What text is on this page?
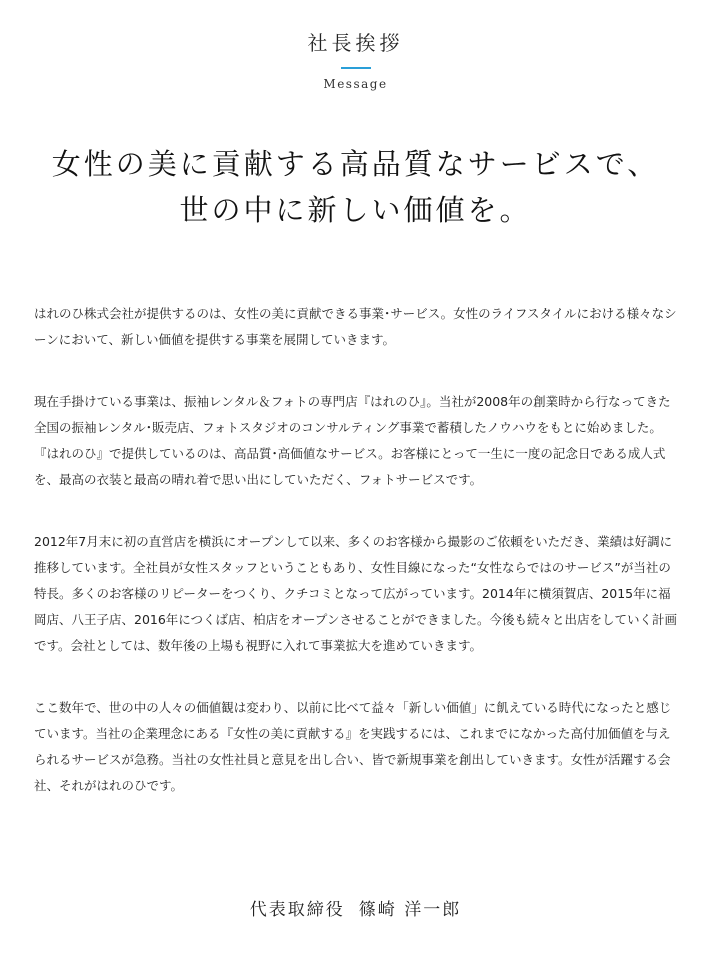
社長挨拶
Message
女性の美に貢献する高品質なサービスで、
世の中に新しい価値を。

はれのひ株式会社が提供するのは、女性の美に貢献できる事業･サービス。女性のライフスタイルにおける様々なシーンにおいて、新しい価値を提供する事業を展開していきます。

現在手掛けている事業は、振袖レンタル＆フォトの専門店『はれのひ』。当社が2008年の創業時から行なってきた全国の振袖レンタル･販売店、フォトスタジオのコンサルティング事業で蓄積したノウハウをもとに始めました。『はれのひ』で提供しているのは、高品質･高価値なサービス。お客様にとって一生に一度の記念日である成人式を、最高の衣装と最高の晴れ着で思い出にしていただく、フォトサービスです。

2012年7月末に初の直営店を横浜にオープンして以来、多くのお客様から撮影のご依頼をいただき、業績は好調に推移しています。全社員が女性スタッフということもあり、女性目線になった“女性ならではのサービス”が当社の特長。多くのお客様のリピーターをつくり、クチコミとなって広がっています。2014年に横須賀店、2015年に福岡店、八王子店、2016年につくば店、柏店をオープンさせることができました。今後も続々と出店をしていく計画です。会社としては、数年後の上場も視野に入れて事業拡大を進めていきます。

ここ数年で、世の中の人々の価値観は変わり、以前に比べて益々「新しい価値」に飢えている時代になったと感じています。当社の企業理念にある『女性の美に貢献する』を実践するには、これまでになかった高付加価値を与えられるサービスが急務。当社の女性社員と意見を出し合い、皆で新規事業を創出していきます。女性が活躍する会社、それがはれのひです。

代表取締役 篠崎 洋一郎
